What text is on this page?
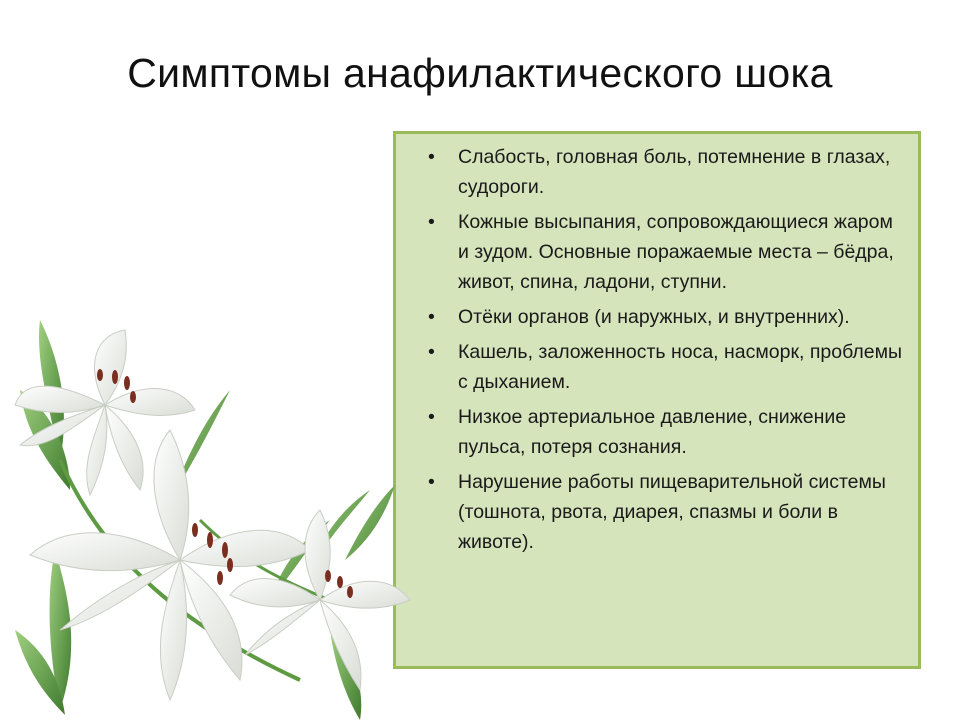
Симптомы анафилактического шока
• Слабость, головная боль, потемнение в глазах, судороги.
• Кожные высыпания, сопровождающиеся жаром и зудом. Основные поражаемые места – бёдра, живот, спина, ладони, ступни.
• Отёки органов (и наружных, и внутренних).
• Кашель, заложенность носа, насморк, проблемы с дыханием.
• Низкое артериальное давление, снижение пульса, потеря сознания.
• Нарушение работы пищеварительной системы (тошнота, рвота, диарея, спазмы и боли в животе).
